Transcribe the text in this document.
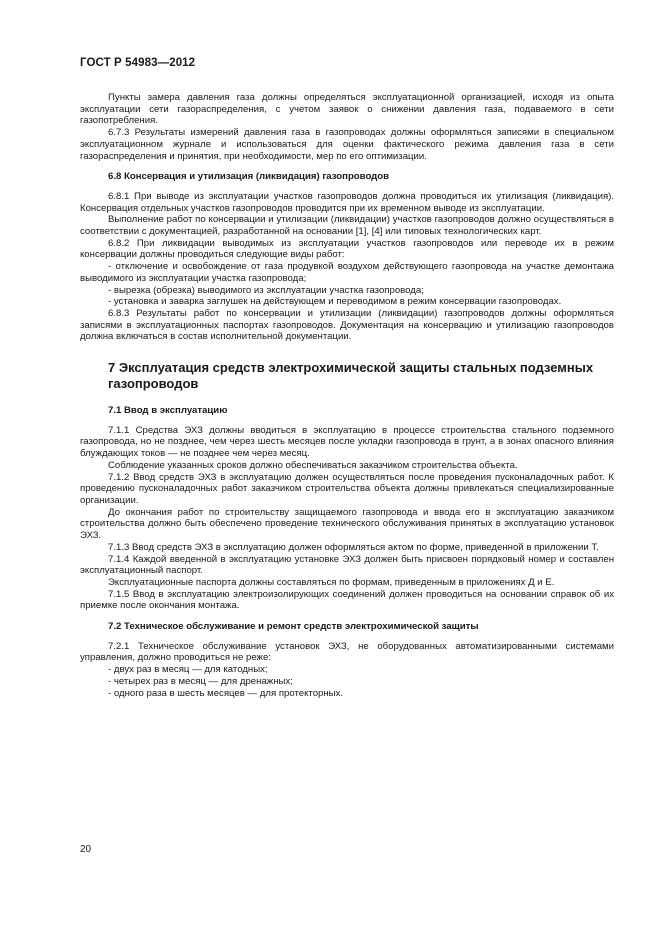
ГОСТ Р 54983—2012

Пункты замера давления газа должны определяться эксплуатационной организацией, исходя из опыта эксплуатации сети газораспределения, с учетом заявок о снижении давления газа, подаваемого в сети газопотребления.

6.7.3 Результаты измерений давления газа в газопроводах должны оформляться записями в специальном эксплуатационном журнале и использоваться для оценки фактического режима давления газа в сети газораспределения и принятия, при необходимости, мер по его оптимизации.

6.8 Консервация и утилизация (ликвидация) газопроводов

6.8.1 При выводе из эксплуатации участков газопроводов должна проводиться их утилизация (ликвидация). Консервация отдельных участков газопроводов проводится при их временном выводе из эксплуатации.

Выполнение работ по консервации и утилизации (ликвидации) участков газопроводов должно осуществляться в соответствии с документацией, разработанной на основании [1], [4] или типовых технологических карт.

6.8.2 При ликвидации выводимых из эксплуатации участков газопроводов или переводе их в режим консервации должны проводиться следующие виды работ:

- отключение и освобождение от газа продувкой воздухом действующего газопровода на участке демонтажа выводимого из эксплуатации участка газопровода;

- вырезка (обрезка) выводимого из эксплуатации участка газопровода;

- установка и заварка заглушек на действующем и переводимом в режим консервации газопроводах.

6.8.3 Результаты работ по консервации и утилизации (ликвидации) газопроводов должны оформляться записями в эксплуатационных паспортах газопроводов. Документация на консервацию и утилизацию газопроводов должна включаться в состав исполнительной документации.

7 Эксплуатация средств электрохимической защиты стальных подземных газопроводов
7.1 Ввод в эксплуатацию

7.1.1 Средства ЭХЗ должны вводиться в эксплуатацию в процессе строительства стального подземного газопровода, но не позднее, чем через шесть месяцев после укладки газопровода в грунт, а в зонах опасного влияния блуждающих токов — не позднее чем через месяц.

Соблюдение указанных сроков должно обеспечиваться заказчиком строительства объекта.

7.1.2 Ввод средств ЭХЗ в эксплуатацию должен осуществляться после проведения пусконаладочных работ. К проведению пусконаладочных работ заказчиком строительства объекта должны привлекаться специализированные организации.

До окончания работ по строительству защищаемого газопровода и ввода его в эксплуатацию заказчиком строительства должно быть обеспечено проведение технического обслуживания принятых в эксплуатацию установок ЭХЗ.

7.1.3 Ввод средств ЭХЗ в эксплуатацию должен оформляться актом по форме, приведенной в приложении Т.

7.1.4 Каждой введенной в эксплуатацию установке ЭХЗ должен быть присвоен порядковый номер и составлен эксплуатационный паспорт.

Эксплуатационные паспорта должны составляться по формам, приведенным в приложениях Д и Е.

7.1.5 Ввод в эксплуатацию электроизолирующих соединений должен проводиться на основании справок об их приемке после окончания монтажа.

7.2 Техническое обслуживание и ремонт средств электрохимической защиты

7.2.1 Техническое обслуживание установок ЭХЗ, не оборудованных автоматизированными системами управления, должно проводиться не реже:

- двух раз в месяц — для катодных;

- четырех раз в месяц — для дренажных;

- одного раза в шесть месяцев — для протекторных.

20
